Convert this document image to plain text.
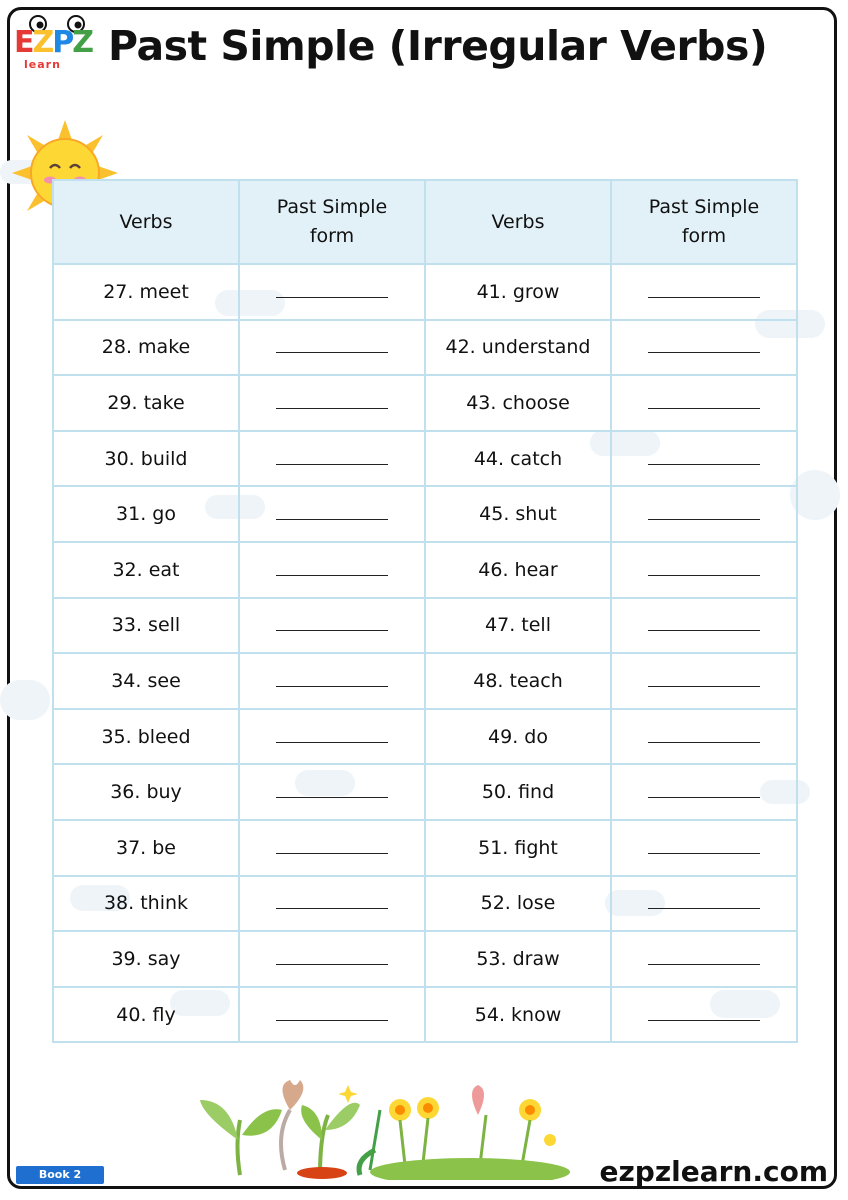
EZPZ
learn Past Simple (Irregular Verbs)
Verbs	Past Simple form	Verbs	Past Simple form
27. meet		41. grow	
28. make		42. understand	
29. take		43. choose	
30. build		44. catch	
31. go		45. shut	
32. eat		46. hear	
33. sell		47. tell	
34. see		48. teach	
35. bleed		49. do	
36. buy		50. find	
37. be		51. fight	
38. think		52. lose	
39. say		53. draw	
40. fly		54. know	
Book 2	ezpzlearn.com
